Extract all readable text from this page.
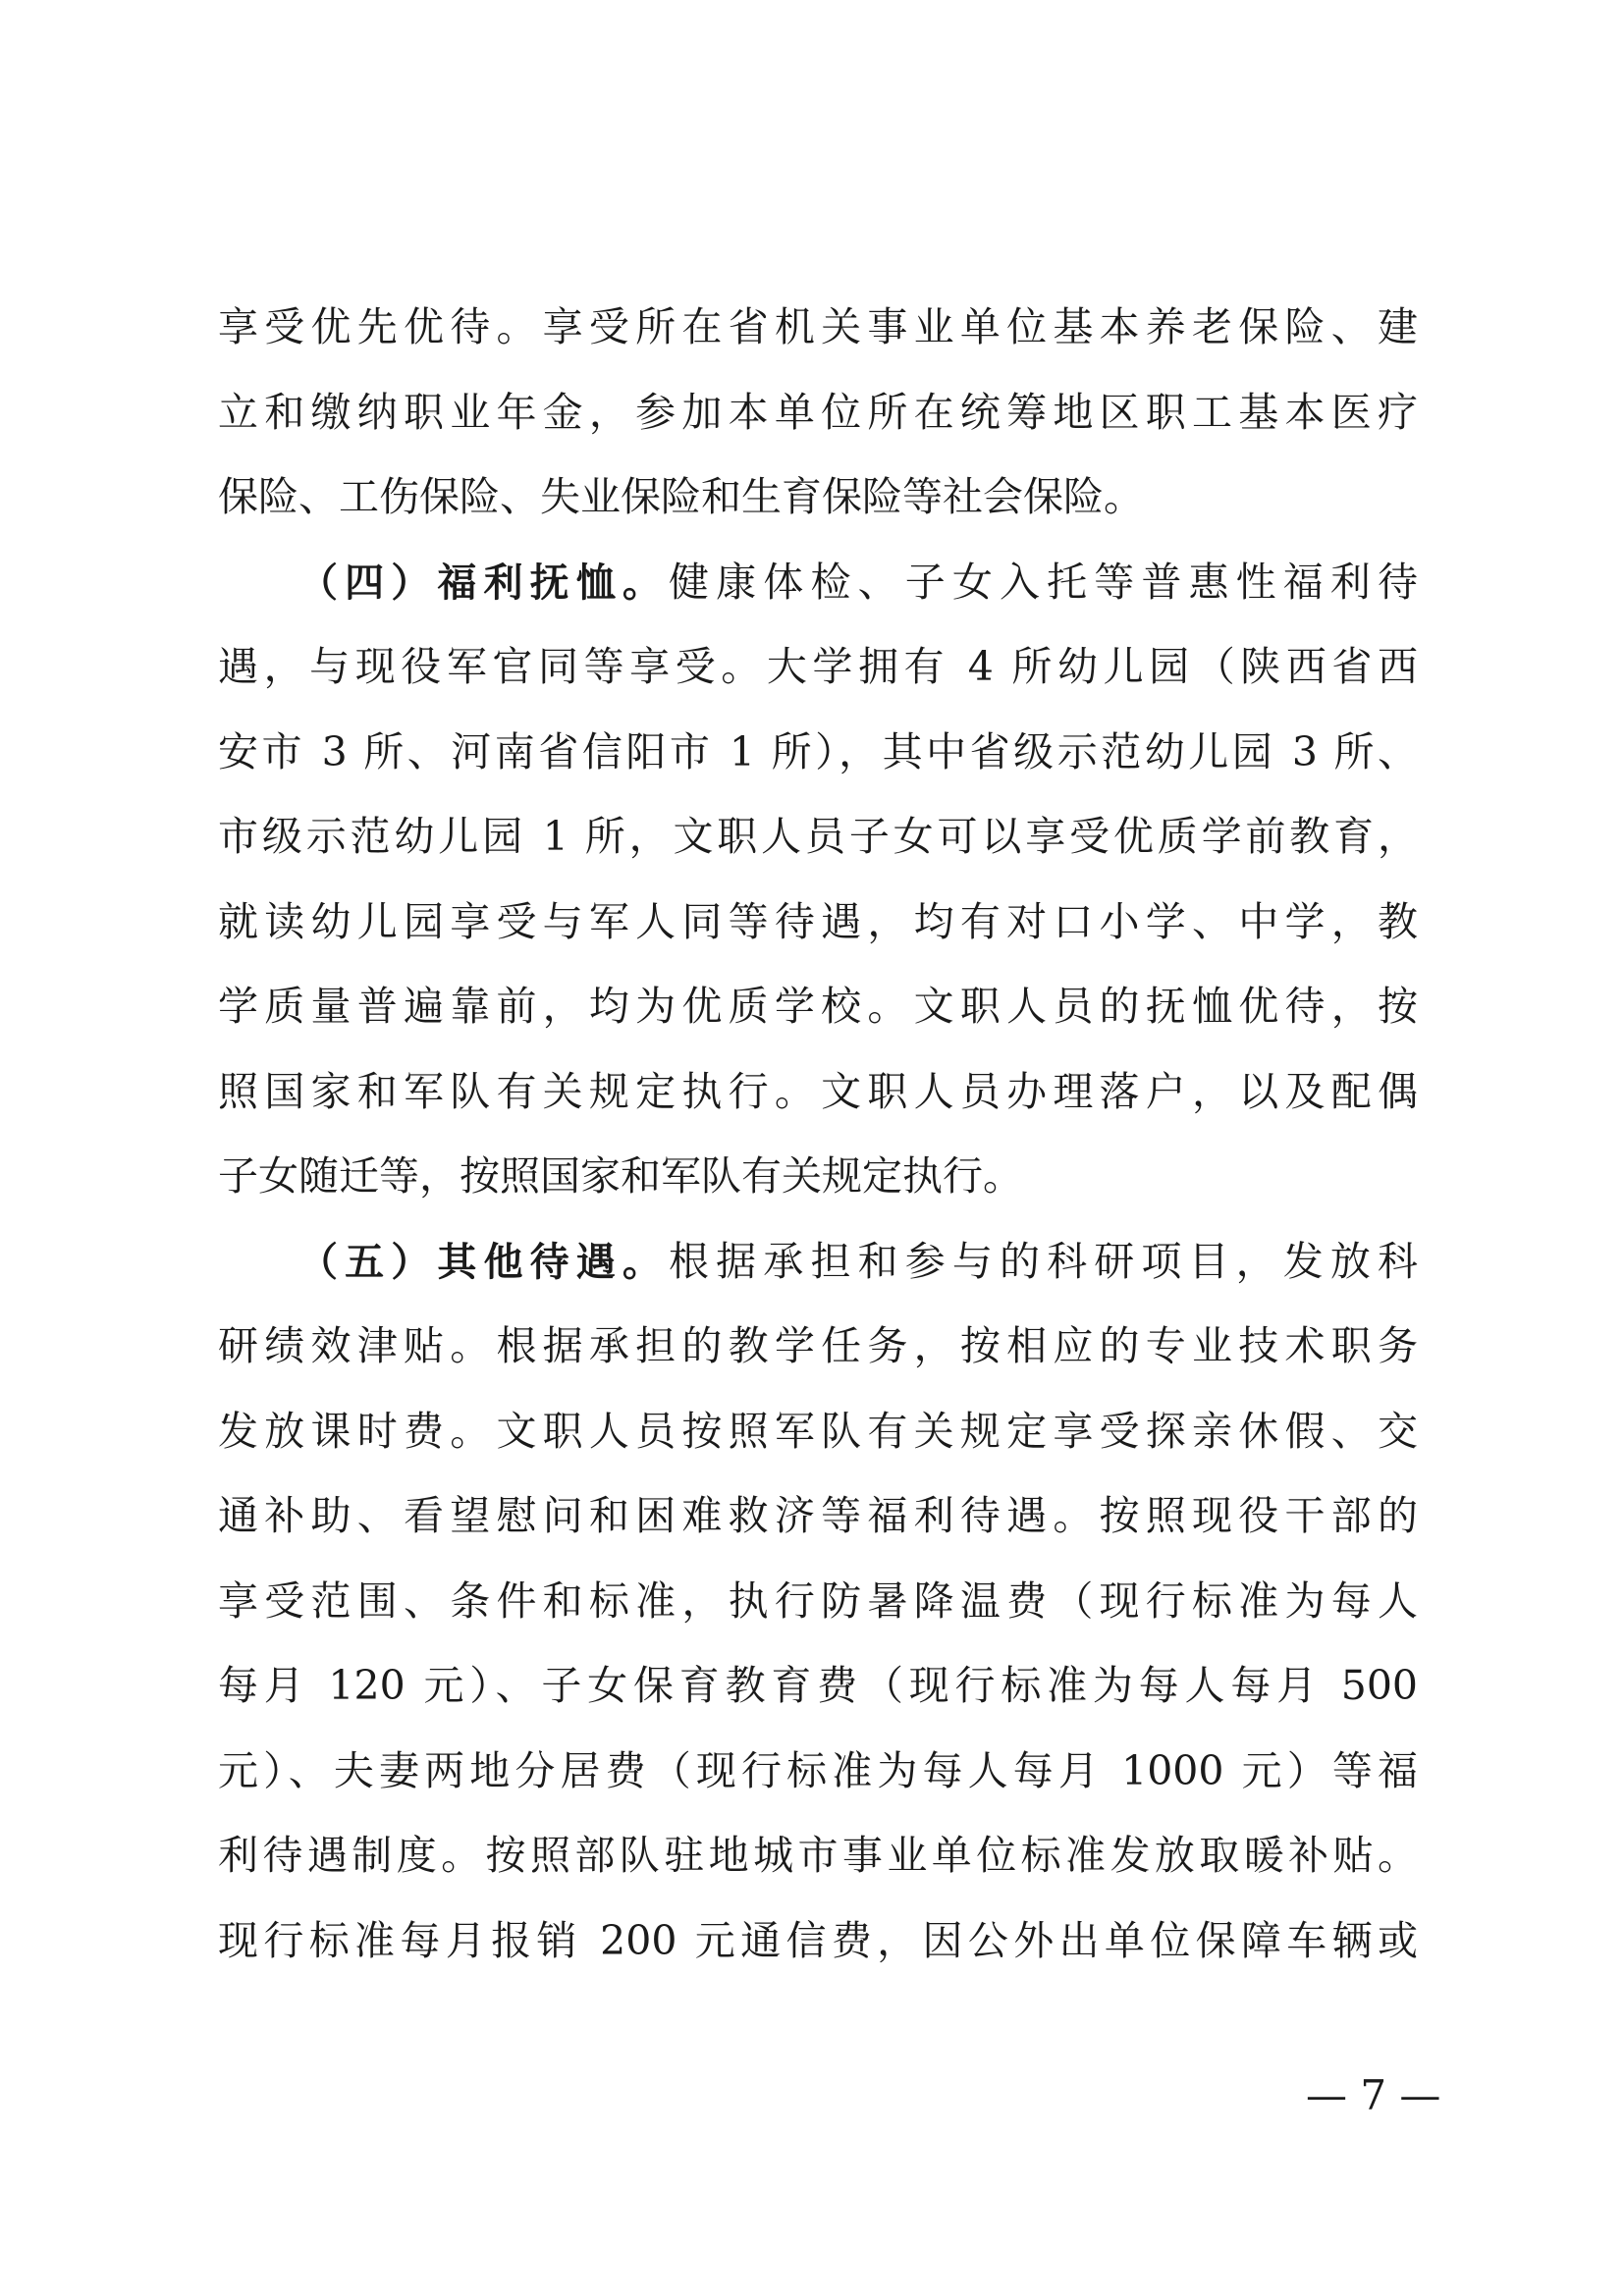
享受优先优待。享受所在省机关事业单位基本养老保险、建
立和缴纳职业年金，参加本单位所在统筹地区职工基本医疗
保险、工伤保险、失业保险和生育保险等社会保险。
（四）福利抚恤。健康体检、子女入托等普惠性福利待
遇，与现役军官同等享受。大学拥有 4 所幼儿园（陕西省西
安市 3 所、河南省信阳市 1 所），其中省级示范幼儿园 3 所、
市级示范幼儿园 1 所，文职人员子女可以享受优质学前教育，
就读幼儿园享受与军人同等待遇，均有对口小学、中学，教
学质量普遍靠前，均为优质学校。文职人员的抚恤优待，按
照国家和军队有关规定执行。文职人员办理落户，以及配偶
子女随迁等，按照国家和军队有关规定执行。
（五）其他待遇。根据承担和参与的科研项目，发放科
研绩效津贴。根据承担的教学任务，按相应的专业技术职务
发放课时费。文职人员按照军队有关规定享受探亲休假、交
通补助、看望慰问和困难救济等福利待遇。按照现役干部的
享受范围、条件和标准，执行防暑降温费（现行标准为每人
每月 120 元）、子女保育教育费（现行标准为每人每月 500
元）、夫妻两地分居费（现行标准为每人每月 1000 元）等福
利待遇制度。按照部队驻地城市事业单位标准发放取暖补贴。
现行标准每月报销 200 元通信费，因公外出单位保障车辆或
— 7 —
